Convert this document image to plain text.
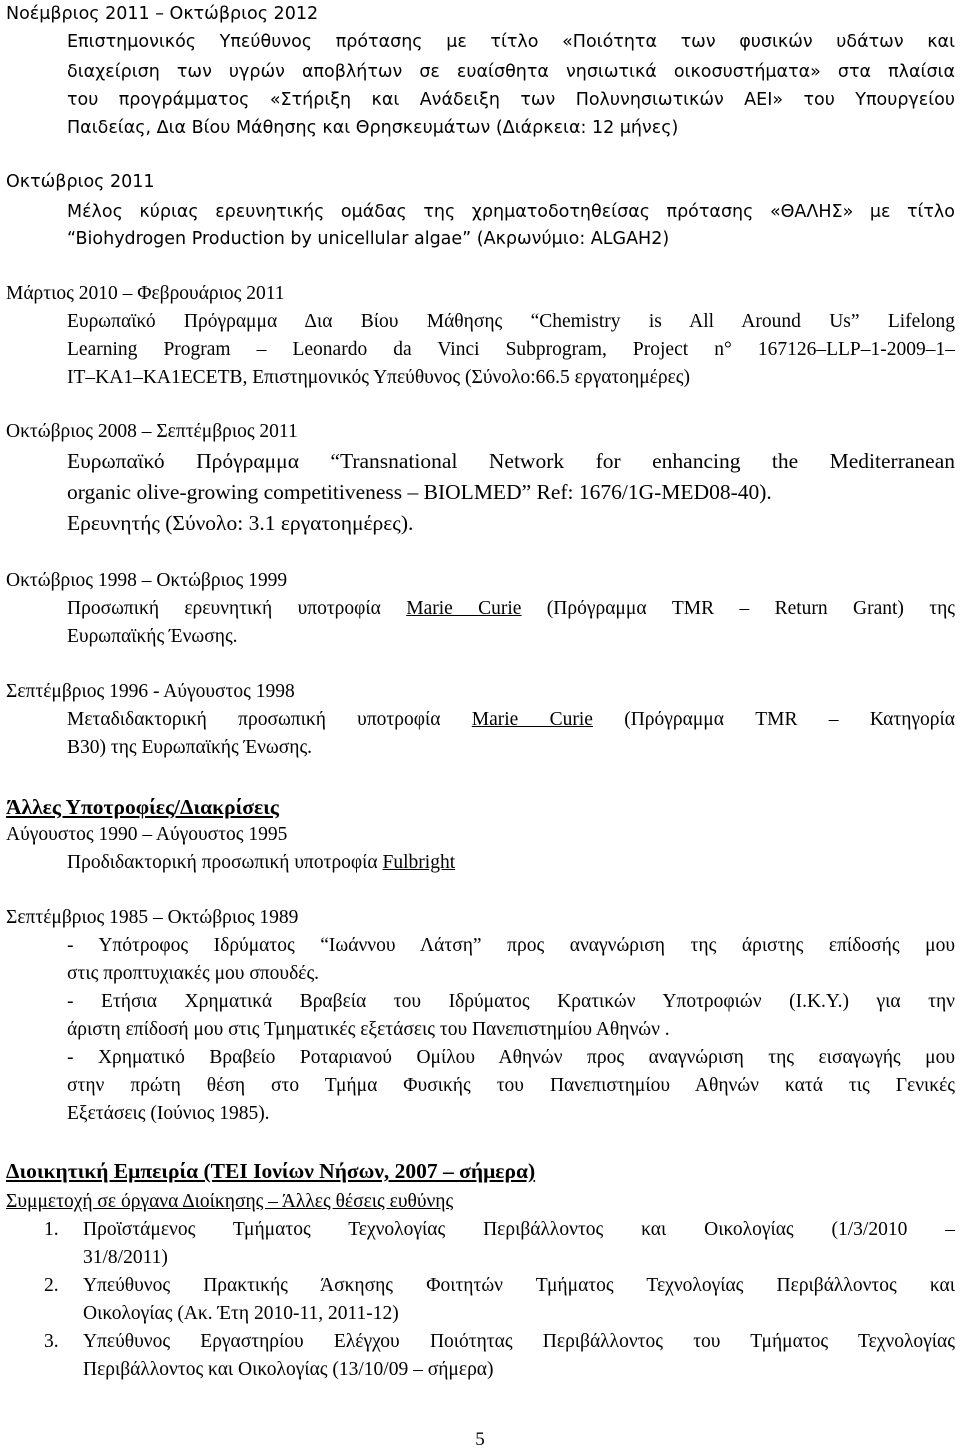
Νοέμβριος 2011 – Οκτώβριος 2012
Επιστημονικός Υπεύθυνος πρότασης με τίτλο «Ποιότητα των φυσικών υδάτων και
διαχείριση των υγρών αποβλήτων σε ευαίσθητα νησιωτικά οικοσυστήματα» στα πλαίσια
του προγράμματος «Στήριξη και Ανάδειξη των Πολυνησιωτικών ΑΕΙ» του Υπουργείου
Παιδείας, Δια Βίου Μάθησης και Θρησκευμάτων (Διάρκεια: 12 μήνες)
Οκτώβριος 2011
Μέλος κύριας ερευνητικής ομάδας της χρηματοδοτηθείσας πρότασης «ΘΑΛΗΣ» με τίτλο
“Biohydrogen Production by unicellular algae” (Ακρωνύμιο: ALGAH2)
Μάρτιος 2010 – Φεβρουάριος 2011
Ευρωπαϊκό Πρόγραμμα Δια Βίου Μάθησης “Chemistry is All Around Us” Lifelong
Learning Program – Leonardo da Vinci Subprogram, Project n° 167126–LLP–1-2009–1–
IT–KA1–KA1ECETB, Επιστημονικός Υπεύθυνος (Σύνολο:66.5 εργατοημέρες)
Οκτώβριος 2008 – Σεπτέμβριος 2011
Ευρωπαϊκό Πρόγραμμα “Transnational Network for enhancing the Mediterranean
organic olive-growing competitiveness – BIOLMED” Ref: 1676/1G-MED08-40).
Ερευνητής (Σύνολο: 3.1 εργατοημέρες).
Οκτώβριος 1998 – Οκτώβριος 1999
Προσωπική ερευνητική υποτροφία Marie Curie (Πρόγραμμα TMR – Return Grant) της
Ευρωπαϊκής Ένωσης.
Σεπτέμβριος 1996 - Αύγουστος 1998
Μεταδιδακτορική προσωπική υποτροφία Marie Curie (Πρόγραμμα TMR – Κατηγορία
B30) της Ευρωπαϊκής Ένωσης.
Άλλες Υποτροφίες/Διακρίσεις
Αύγουστος 1990 – Αύγουστος 1995
Προδιδακτορική προσωπική υποτροφία Fulbright
Σεπτέμβριος 1985 – Οκτώβριος 1989
- Υπότροφος Ιδρύματος “Ιωάννου Λάτση” προς αναγνώριση της άριστης επίδοσής μου
στις προπτυχιακές μου σπουδές.
- Ετήσια Χρηματικά Βραβεία του Ιδρύματος Κρατικών Υποτροφιών (Ι.Κ.Υ.) για την
άριστη επίδοσή μου στις Τμηματικές εξετάσεις του Πανεπιστημίου Αθηνών .
- Χρηματικό Βραβείο Ροταριανού Ομίλου Αθηνών προς αναγνώριση της εισαγωγής μου
στην πρώτη θέση στο Τμήμα Φυσικής του Πανεπιστημίου Αθηνών κατά τις Γενικές
Εξετάσεις (Ιούνιος 1985).
Διοικητική Εμπειρία (ΤΕΙ Ιονίων Νήσων, 2007 – σήμερα)
Συμμετοχή σε όργανα Διοίκησης – Άλλες θέσεις ευθύνης
1. Προϊστάμενος Τμήματος Τεχνολογίας Περιβάλλοντος και Οικολογίας (1/3/2010 –
31/8/2011)
2. Υπεύθυνος Πρακτικής Άσκησης Φοιτητών Τμήματος Τεχνολογίας Περιβάλλοντος και
Οικολογίας (Ακ. Έτη 2010-11, 2011-12)
3. Υπεύθυνος Εργαστηρίου Ελέγχου Ποιότητας Περιβάλλοντος του Τμήματος Τεχνολογίας
Περιβάλλοντος και Οικολογίας (13/10/09 – σήμερα)
5
